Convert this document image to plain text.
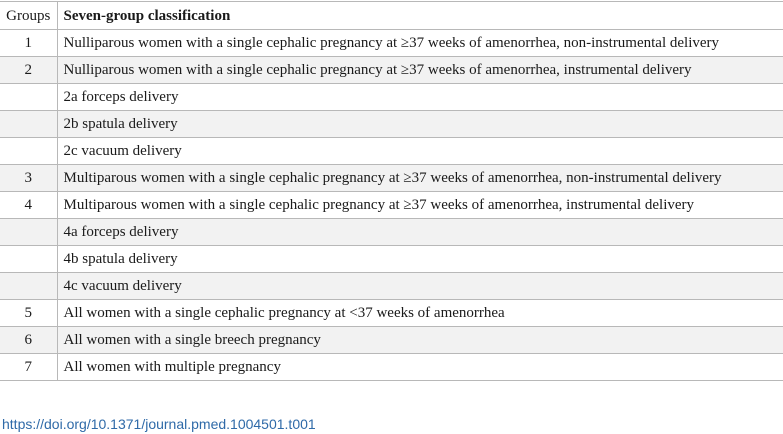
Groups	Seven-group classification
1	Nulliparous women with a single cephalic pregnancy at ≥37 weeks of amenorrhea, non-instrumental delivery
2	Nulliparous women with a single cephalic pregnancy at ≥37 weeks of amenorrhea, instrumental delivery
	2a forceps delivery
	2b spatula delivery
	2c vacuum delivery
3	Multiparous women with a single cephalic pregnancy at ≥37 weeks of amenorrhea, non-instrumental delivery
4	Multiparous women with a single cephalic pregnancy at ≥37 weeks of amenorrhea, instrumental delivery
	4a forceps delivery
	4b spatula delivery
	4c vacuum delivery
5	All women with a single cephalic pregnancy at <37 weeks of amenorrhea
6	All women with a single breech pregnancy
7	All women with multiple pregnancy
https://doi.org/10.1371/journal.pmed.1004501.t001
